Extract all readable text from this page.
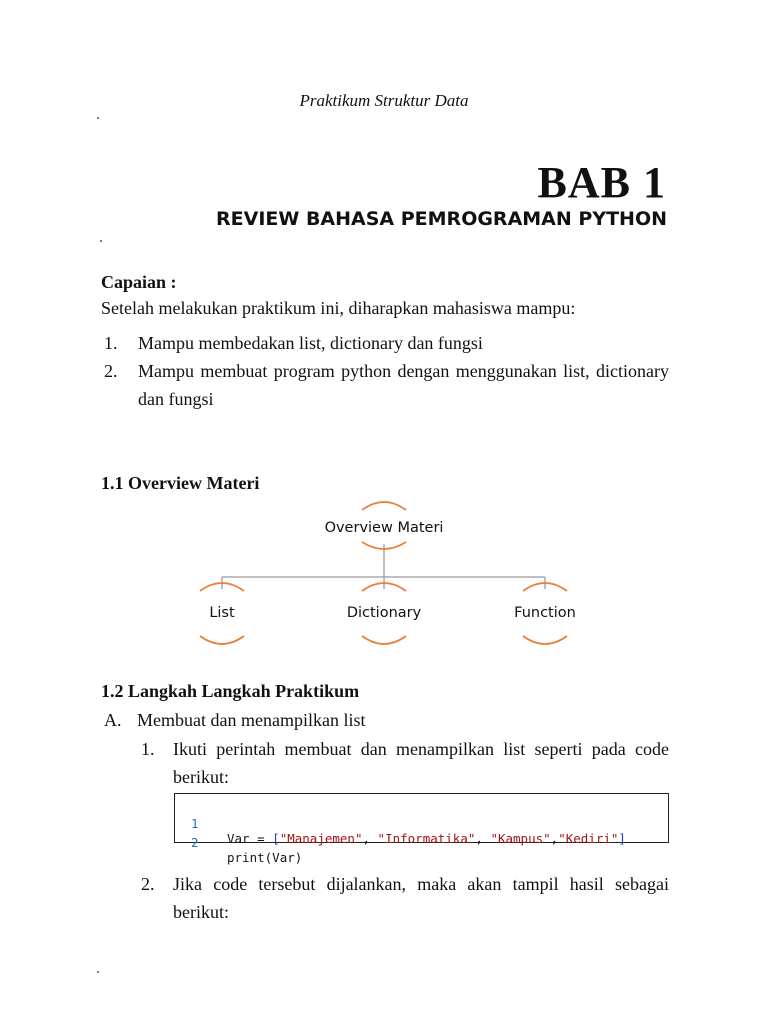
Praktikum Struktur Data
BAB 1
REVIEW BAHASA PEMROGRAMAN PYTHON
Capaian :
Setelah melakukan praktikum ini, diharapkan mahasiswa mampu:
1. Mampu membedakan list, dictionary dan fungsi
2. Mampu membuat program python dengan menggunakan list, dictionary dan fungsi
1.1 Overview Materi
Overview Materi
List	Dictionary	Function
1.2 Langkah Langkah Praktikum
A. Membuat dan menampilkan list
1. Ikuti perintah membuat dan menampilkan list seperti pada code berikut:

1

Var = ["Manajemen", "Informatika", "Kampus","Kediri"]

2

print(Var)

2. Jika code tersebut dijalankan, maka akan tampil hasil sebagai berikut:
